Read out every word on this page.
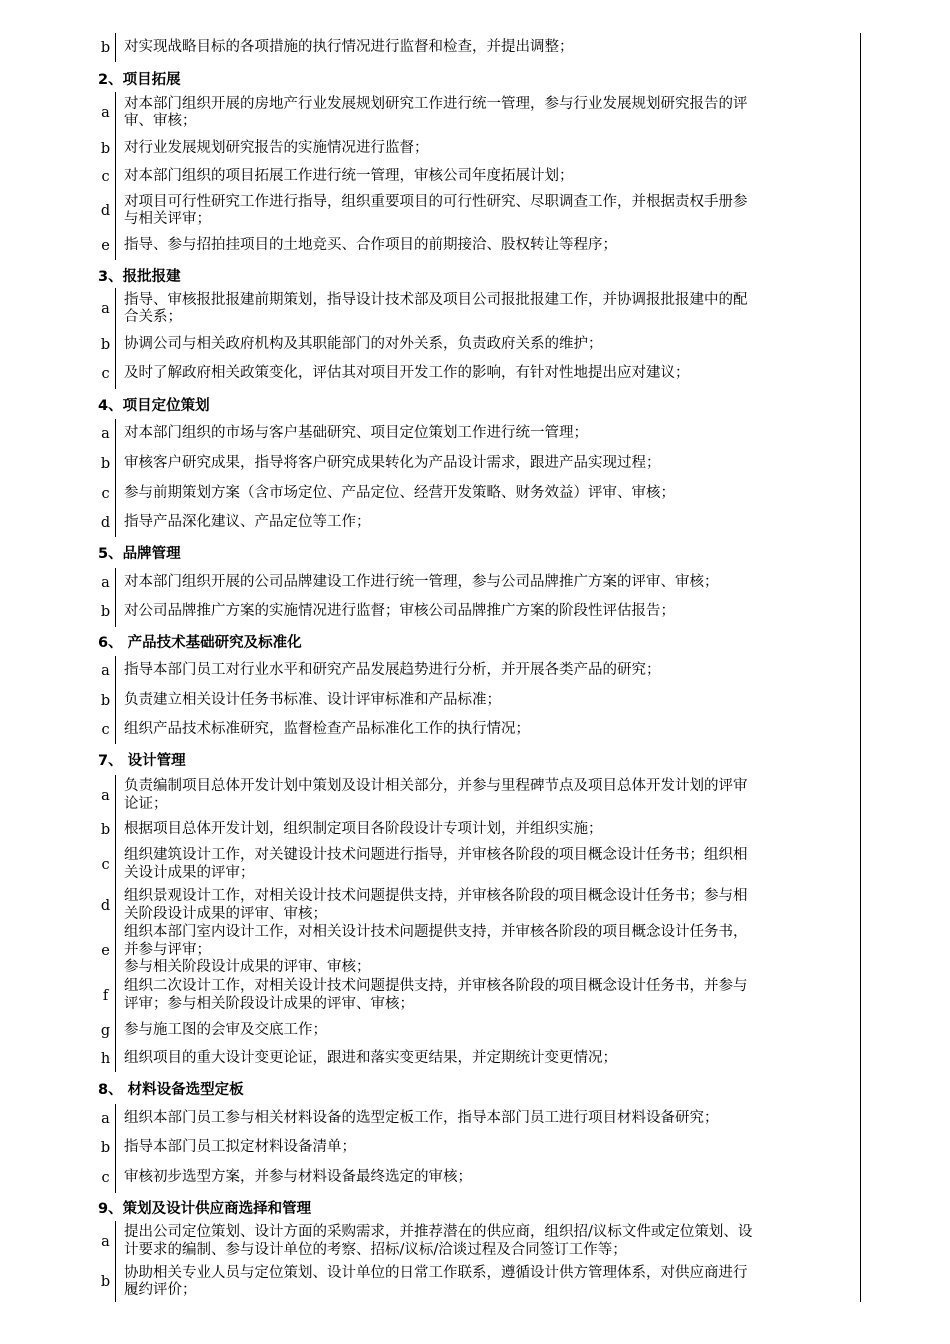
b 对实现战略目标的各项措施的执行情况进行监督和检查，并提出调整；
2、项目拓展
a
对本部门组织开展的房地产行业发展规划研究工作进行统一管理，参与行业发展规划研究报告的评
审、审核；
b 对行业发展规划研究报告的实施情况进行监督；
c 对本部门组织的项目拓展工作进行统一管理，审核公司年度拓展计划；
d
对项目可行性研究工作进行指导，组织重要项目的可行性研究、尽职调查工作，并根据责权手册参
与相关评审；
e 指导、参与招拍挂项目的土地竞买、合作项目的前期接洽、股权转让等程序；
3、报批报建
a
指导、审核报批报建前期策划，指导设计技术部及项目公司报批报建工作，并协调报批报建中的配
合关系；
b 协调公司与相关政府机构及其职能部门的对外关系，负责政府关系的维护；
c 及时了解政府相关政策变化，评估其对项目开发工作的影响，有针对性地提出应对建议；
4、项目定位策划
a 对本部门组织的市场与客户基础研究、项目定位策划工作进行统一管理；
b 审核客户研究成果，指导将客户研究成果转化为产品设计需求，跟进产品实现过程；
c 参与前期策划方案（含市场定位、产品定位、经营开发策略、财务效益）评审、审核；
d 指导产品深化建议、产品定位等工作；
5、品牌管理
a 对本部门组织开展的公司品牌建设工作进行统一管理，参与公司品牌推广方案的评审、审核；
b 对公司品牌推广方案的实施情况进行监督；审核公司品牌推广方案的阶段性评估报告；
6、 产品技术基础研究及标准化
a 指导本部门员工对行业水平和研究产品发展趋势进行分析，并开展各类产品的研究；
b 负责建立相关设计任务书标准、设计评审标准和产品标准；
c 组织产品技术标准研究，监督检查产品标准化工作的执行情况；
7、 设计管理
a
负责编制项目总体开发计划中策划及设计相关部分，并参与里程碑节点及项目总体开发计划的评审
论证；
b 根据项目总体开发计划，组织制定项目各阶段设计专项计划，并组织实施；
c
组织建筑设计工作，对关键设计技术问题进行指导，并审核各阶段的项目概念设计任务书；组织相
关设计成果的评审；
d
组织景观设计工作，对相关设计技术问题提供支持，并审核各阶段的项目概念设计任务书；参与相
关阶段设计成果的评审、审核；
e
组织本部门室内设计工作，对相关设计技术问题提供支持，并审核各阶段的项目概念设计任务书，
并参与评审；
参与相关阶段设计成果的评审、审核；
f
组织二次设计工作，对相关设计技术问题提供支持，并审核各阶段的项目概念设计任务书，并参与
评审；参与相关阶段设计成果的评审、审核；
g 参与施工图的会审及交底工作；
h 组织项目的重大设计变更论证，跟进和落实变更结果，并定期统计变更情况；
8、 材料设备选型定板
a 组织本部门员工参与相关材料设备的选型定板工作，指导本部门员工进行项目材料设备研究；
b 指导本部门员工拟定材料设备清单；
c 审核初步选型方案，并参与材料设备最终选定的审核；
9、策划及设计供应商选择和管理
a
提出公司定位策划、设计方面的采购需求，并推荐潜在的供应商，组织招/议标文件或定位策划、设
计要求的编制、参与设计单位的考察、招标/议标/洽谈过程及合同签订工作等；
b
协助相关专业人员与定位策划、设计单位的日常工作联系，遵循设计供方管理体系，对供应商进行
履约评价；
